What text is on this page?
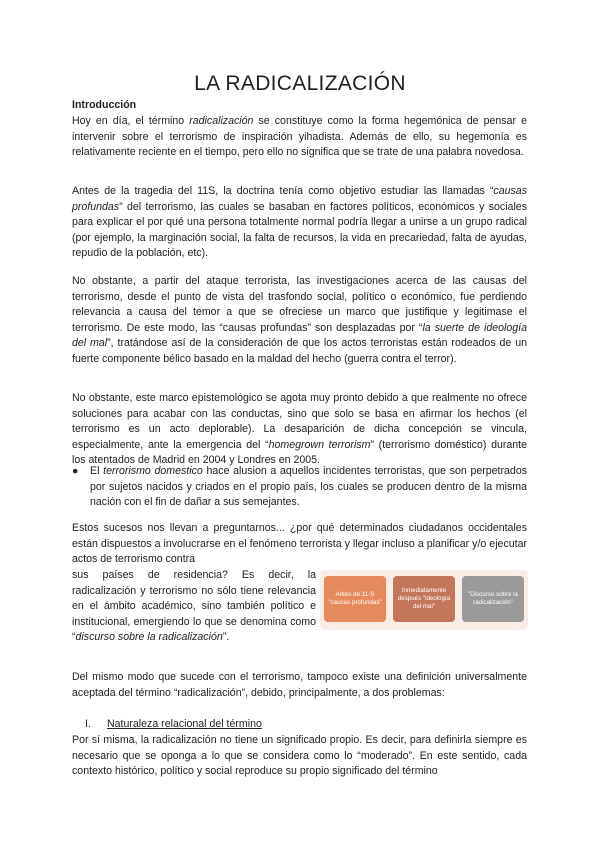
LA RADICALIZACIÓN
Introducción
Hoy en día, el término radicalización se constituye como la forma hegemónica de pensar e intervenir sobre el terrorismo de inspiración yihadista. Además de ello, su hegemonía es relativamente reciente en el tiempo, pero ello no significa que se trate de una palabra novedosa.
Antes de la tragedia del 11S, la doctrina tenía como objetivo estudiar las llamadas “causas profundas” del terrorismo, las cuales se basaban en factores políticos, económicos y sociales para explicar el por qué una persona totalmente normal podría llegar a unirse a un grupo radical (por ejemplo, la marginación social, la falta de recursos, la vida en precariedad, falta de ayudas, repudio de la población, etc).
No obstante, a partir del ataque terrorista, las investigaciones acerca de las causas del terrorismo, desde el punto de vista del trasfondo social, político o económico, fue perdiendo relevancia a causa del temor a que se ofreciese un marco que justifique y legitimase el terrorismo. De este modo, las “causas profundas” son desplazadas por “la suerte de ideología del mal”, tratándose así de la consideración de que los actos terroristas están rodeados de un fuerte componente bélico basado en la maldad del hecho (guerra contra el terror).
No obstante, este marco epistemológico se agota muy pronto debido a que realmente no ofrece soluciones para acabar con las conductas, sino que solo se basa en afirmar los hechos (el terrorismo es un acto deplorable). La desaparición de dicha concepción se vincula, especialmente, ante la emergencia del “homegrown terrorism” (terrorismo doméstico) durante los atentados de Madrid en 2004 y Londres en 2005.
● El terrorismo domestico hace alusion a aquellos incidentes terroristas, que son perpetrados por sujetos nacidos y criados en el propio país, los cuales se producen dentro de la misma nación con el fin de dañar a sus semejantes.
Estos sucesos nos llevan a preguntarnos... ¿por qué determinados ciudadanos occidentales están dispuestos a involucrarse en el fenómeno terrorista y llegar incluso a planificar y/o ejecutar actos de terrorismo contra
sus países de residencia? Es decir, la radicalización y terrorismo no sólo tiene relevancia en el ámbito académico, sino también político e institucional, emergiendo lo que se denomina como “discurso sobre la radicalización”.
Antes de 11-S "causas profundas"
Inmediatamente después "ideología del mal"
"Discurso sobre la radicalización"
Del mismo modo que sucede con el terrorismo, tampoco existe una definición universalmente aceptada del término “radicalización”, debido, principalmente, a dos problemas:
I. Naturaleza relacional del término
Por sí misma, la radicalización no tiene un significado propio. Es decir, para definirla siempre es necesario que se oponga a lo que se considera como lo “moderado”. En este sentido, cada contexto histórico, político y social reproduce su propio significado del término
